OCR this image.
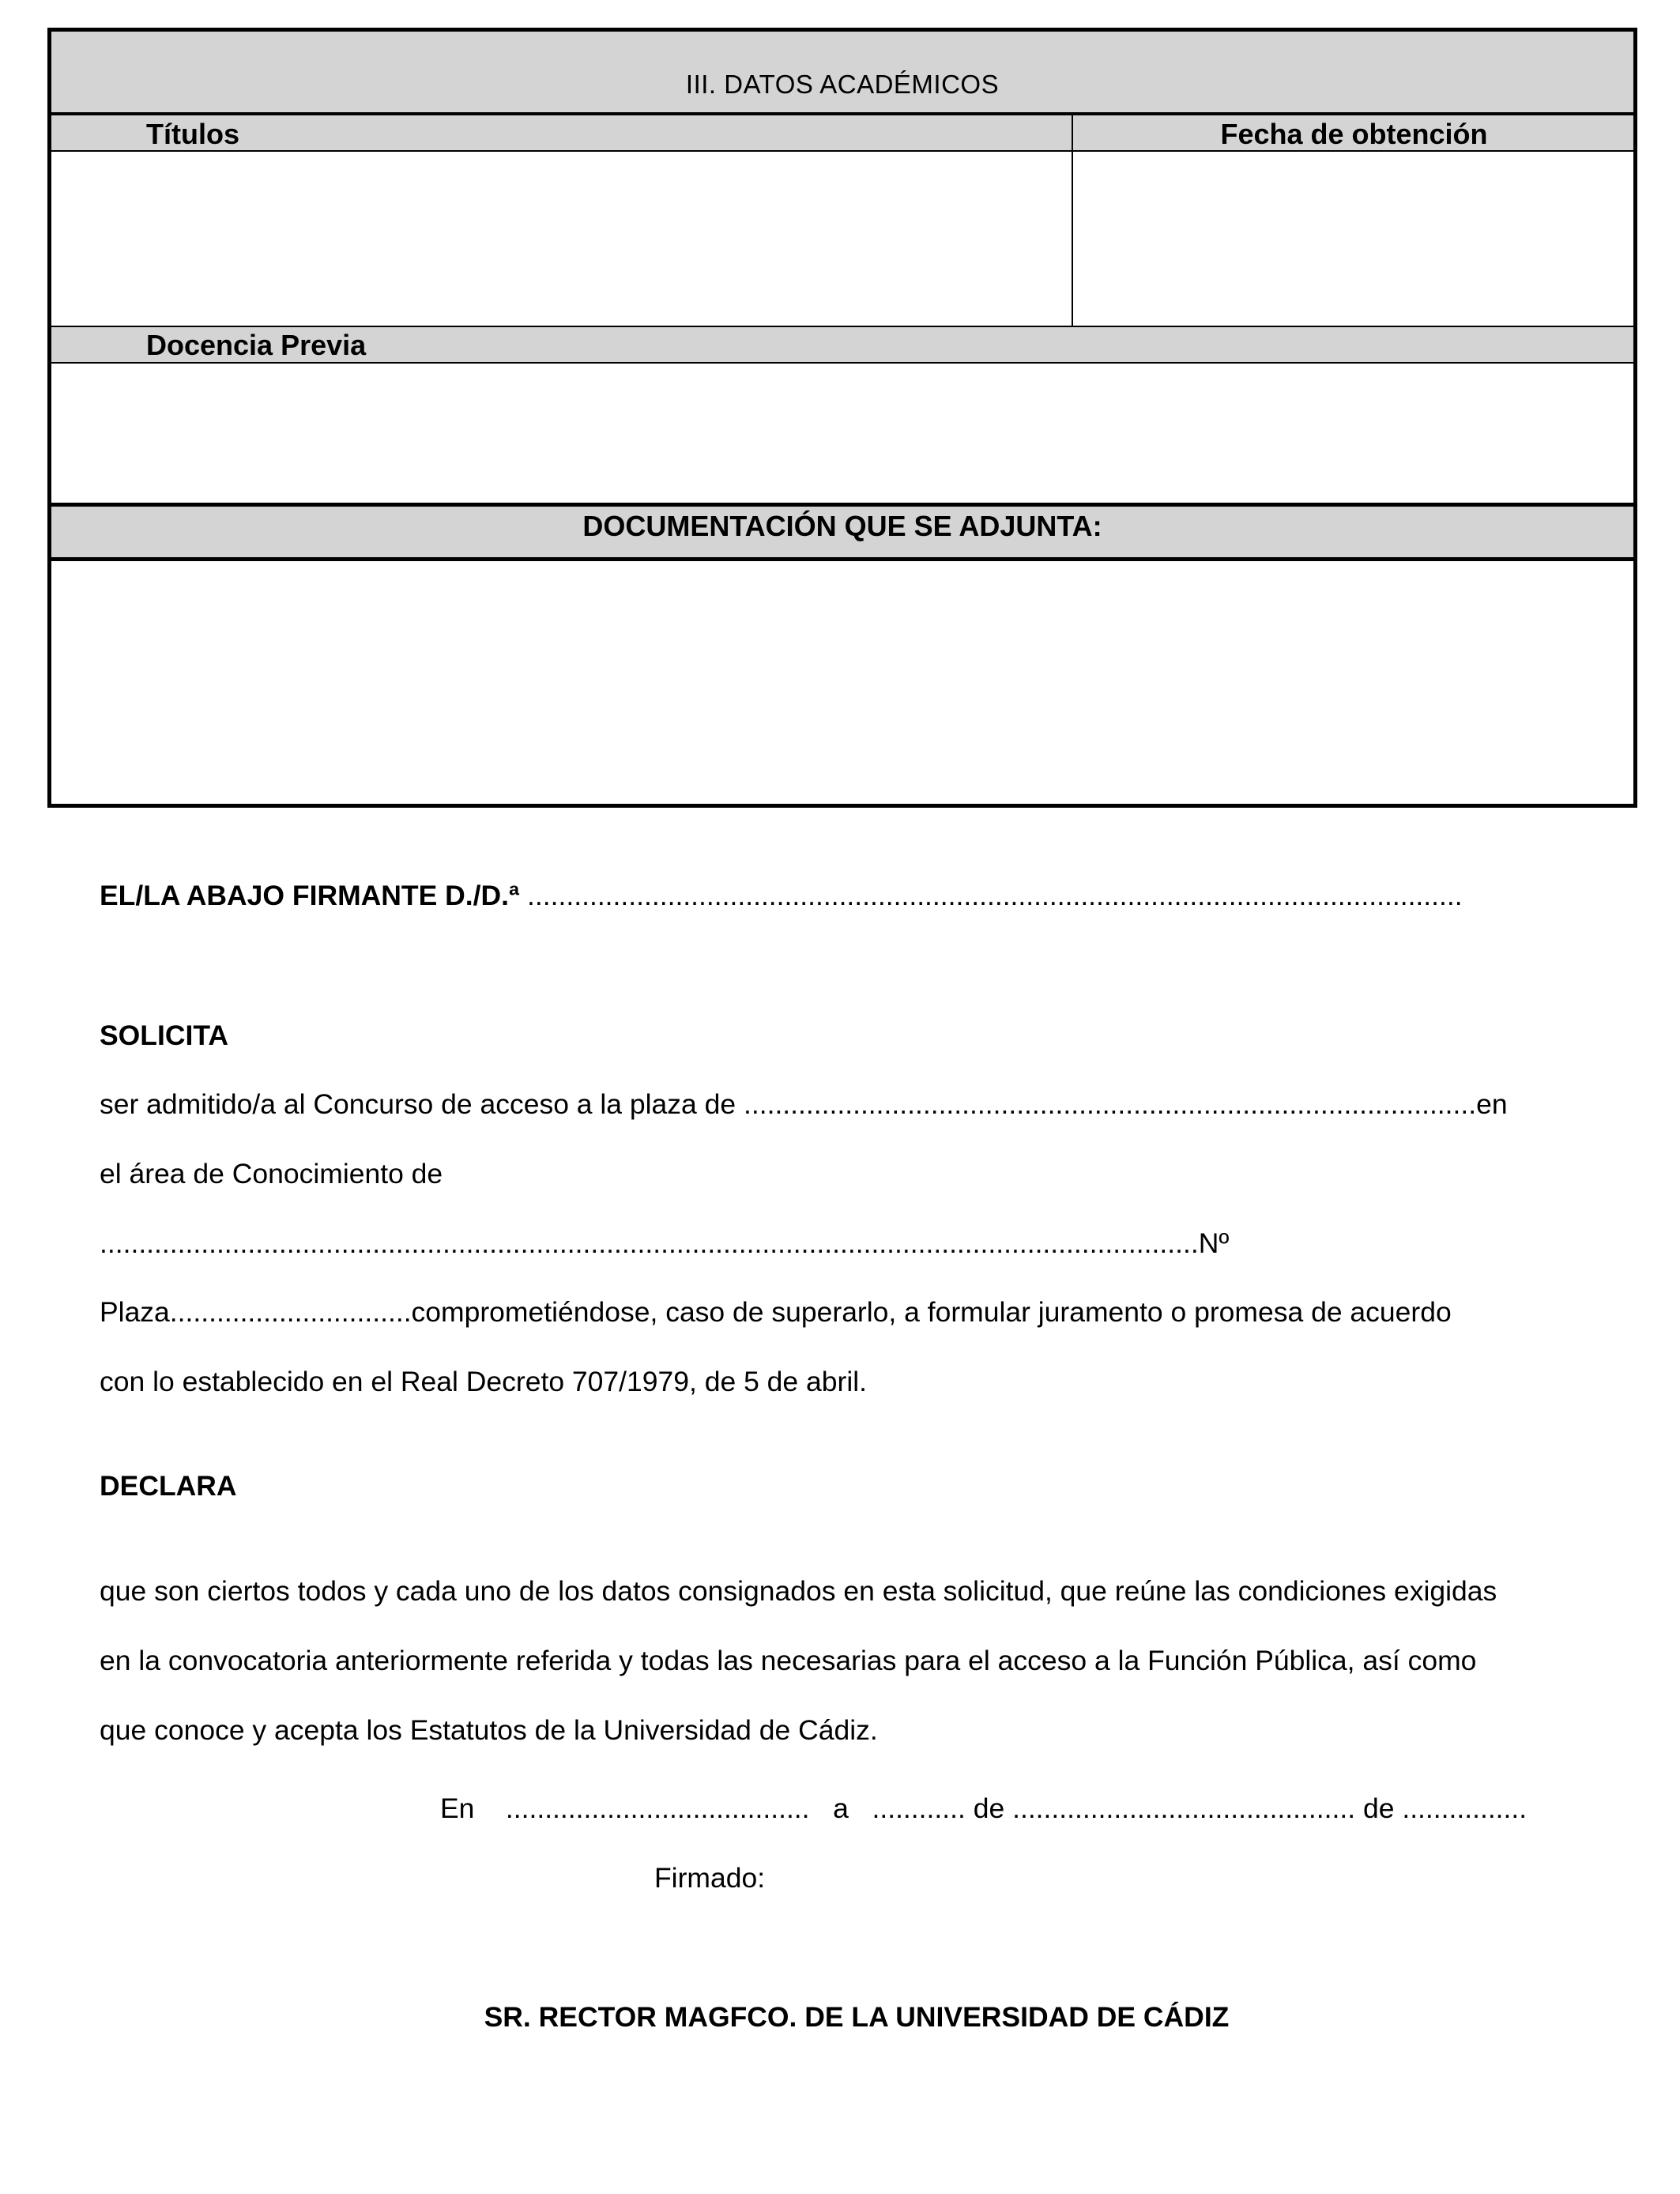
III. DATOS ACADÉMICOS
Títulos	Fecha de obtención
Docencia Previa
DOCUMENTACIÓN QUE SE ADJUNTA:
EL/LA ABAJO FIRMANTE D./D.ª ........................................................................................................................
SOLICITA
ser admitido/a al Concurso de acceso a la plaza de ..............................................................................................en
el área de Conocimiento de
.............................................................................................................................................Nº
Plaza...............................comprometiéndose, caso de superarlo, a formular juramento o promesa de acuerdo
con lo establecido en el Real Decreto 707/1979, de 5 de abril.
DECLARA
que son ciertos todos y cada uno de los datos consignados en esta solicitud, que reúne las condiciones exigidas
en la convocatoria anteriormente referida y todas las necesarias para el acceso a la Función Pública, así como
que conoce y acepta los Estatutos de la Universidad de Cádiz.
En ....................................... a ............ de ............................................ de ................
Firmado:
SR. RECTOR MAGFCO. DE LA UNIVERSIDAD DE CÁDIZ
